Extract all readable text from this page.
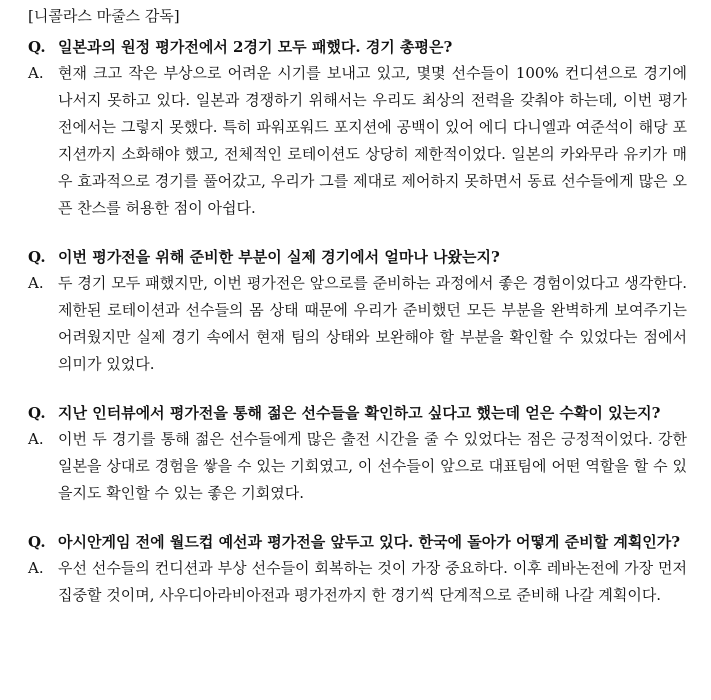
[니콜라스 마줄스 감독]
Q. 일본과의 원정 평가전에서 2경기 모두 패했다. 경기 총평은?
A. 현재 크고 작은 부상으로 어려운 시기를 보내고 있고, 몇몇 선수들이 100% 컨디션으로 경기에 나서지 못하고 있다. 일본과 경쟁하기 위해서는 우리도 최상의 전력을 갖춰야 하는데, 이번 평가전에서는 그렇지 못했다. 특히 파워포워드 포지션에 공백이 있어 에디 다니엘과 여준석이 해당 포지션까지 소화해야 했고, 전체적인 로테이션도 상당히 제한적이었다. 일본의 카와무라 유키가 매우 효과적으로 경기를 풀어갔고, 우리가 그를 제대로 제어하지 못하면서 동료 선수들에게 많은 오픈 찬스를 허용한 점이 아쉽다.
Q. 이번 평가전을 위해 준비한 부분이 실제 경기에서 얼마나 나왔는지?
A. 두 경기 모두 패했지만, 이번 평가전은 앞으로를 준비하는 과정에서 좋은 경험이었다고 생각한다. 제한된 로테이션과 선수들의 몸 상태 때문에 우리가 준비했던 모든 부분을 완벽하게 보여주기는 어려웠지만 실제 경기 속에서 현재 팀의 상태와 보완해야 할 부분을 확인할 수 있었다는 점에서 의미가 있었다.
Q. 지난 인터뷰에서 평가전을 통해 젊은 선수들을 확인하고 싶다고 했는데 얻은 수확이 있는지?
A. 이번 두 경기를 통해 젊은 선수들에게 많은 출전 시간을 줄 수 있었다는 점은 긍정적이었다. 강한 일본을 상대로 경험을 쌓을 수 있는 기회였고, 이 선수들이 앞으로 대표팀에 어떤 역할을 할 수 있을지도 확인할 수 있는 좋은 기회였다.
Q. 아시안게임 전에 월드컵 예선과 평가전을 앞두고 있다. 한국에 돌아가 어떻게 준비할 계획인가?
A. 우선 선수들의 컨디션과 부상 선수들이 회복하는 것이 가장 중요하다. 이후 레바논전에 가장 먼저 집중할 것이며, 사우디아라비아전과 평가전까지 한 경기씩 단계적으로 준비해 나갈 계획이다.
